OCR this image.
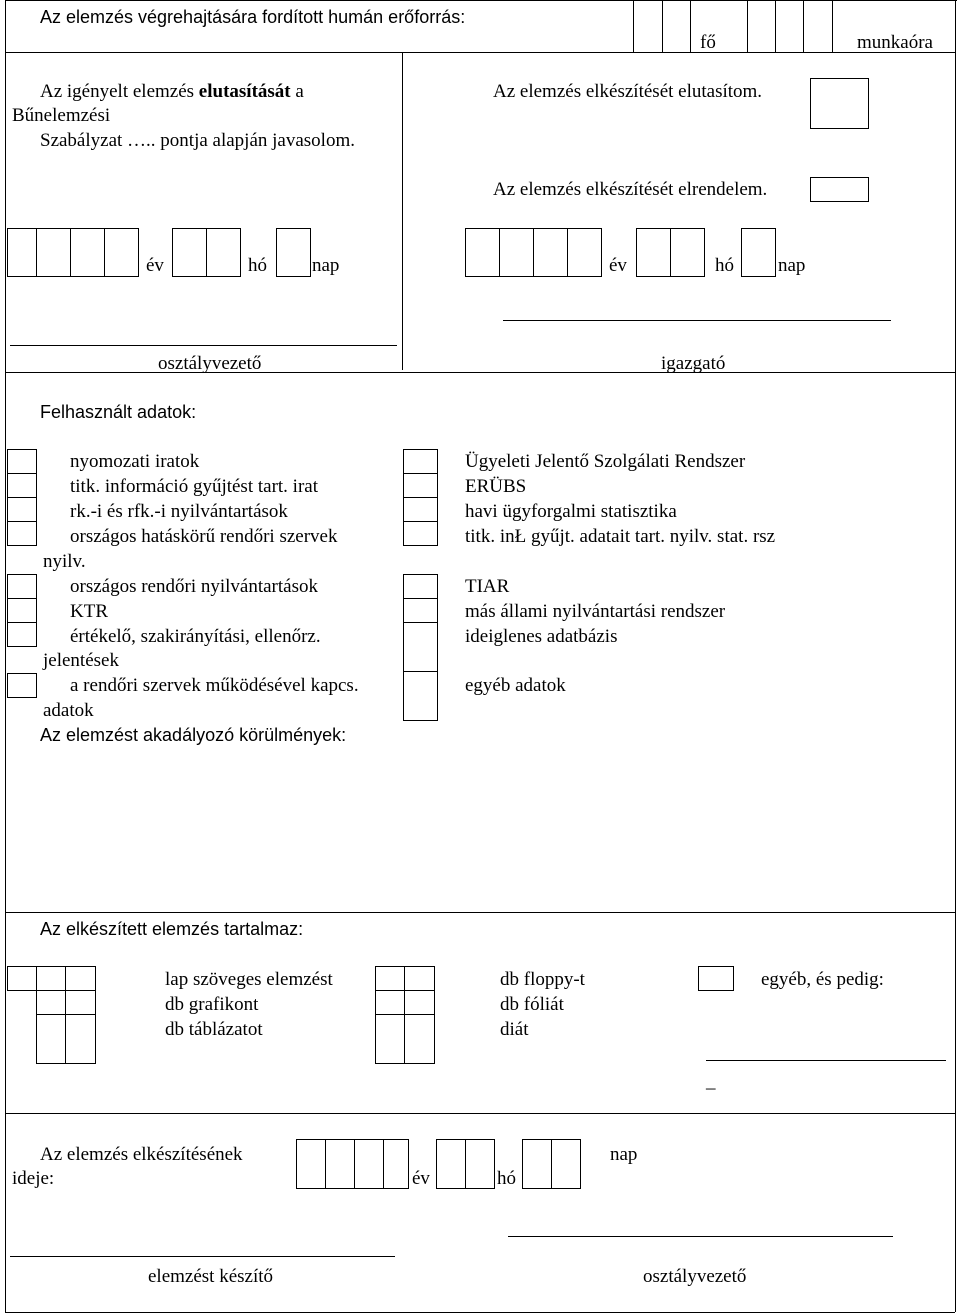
Az elemzés végrehajtására fordított humán erőforrás:
fő	munkaóra
Az igényelt elemzés elutasítását a
Bűnelemzési
Szabályzat ….. pontja alapján javasolom.
Az elemzés elkészítését elutasítom.
Az elemzés elkészítését elrendelem.
év	hó nap	év	hó nap
osztályvezető	igazgató
Felhasznált adatok:
nyomozati iratok
titk. információ gyűjtést tart. irat
rk.-i és rfk.-i nyilvántartások
országos hatáskörű rendőri szervek
nyilv.
országos rendőri nyilvántartások
KTR
értékelő, szakirányítási, ellenőrz.
jelentések
a rendőri szervek működésével kapcs.
adatok
Ügyeleti Jelentő Szolgálati Rendszer
ERÜBS
havi ügyforgalmi statisztika
titk. inŁ gyűjt. adatait tart. nyilv. stat. rsz
TIAR
más állami nyilvántartási rendszer
ideiglenes adatbázis
egyéb adatok
Az elemzést akadályozó körülmények:
Az elkészített elemzés tartalmaz:
lap szöveges elemzést
db grafikont
db táblázatot
db floppy-t
db fóliát
diát
egyéb, és pedig:
_
Az elemzés elkészítésének
ideje:	év	hó
nap
elemzést készítő	osztályvezető
